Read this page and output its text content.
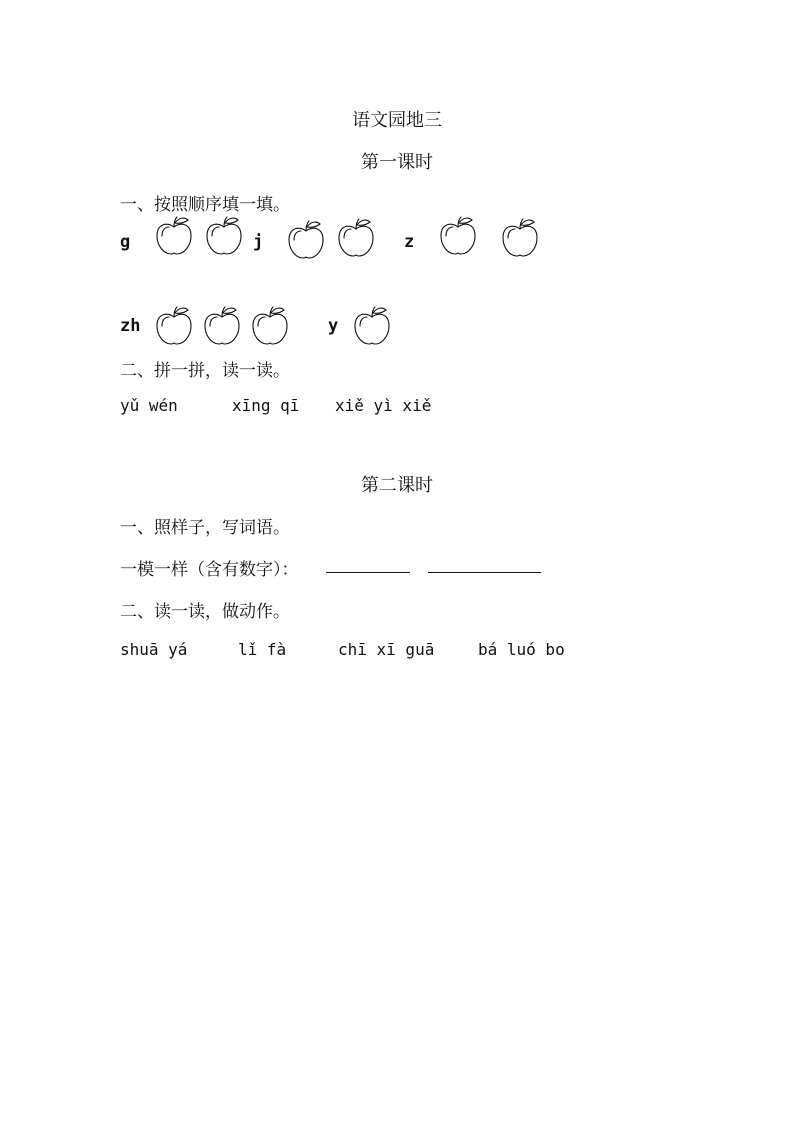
语文园地三
第一课时
一、按照顺序填一填。
g	j	z
zh	y
二、拼一拼，读一读。
yǔ wén	xīng qī xiě yì xiě
第二课时
一、照样子，写词语。
一模一样（含有数字）：
二、读一读，做动作。
shuā yá	lǐ fà	chī xī guā	bá luó bo
